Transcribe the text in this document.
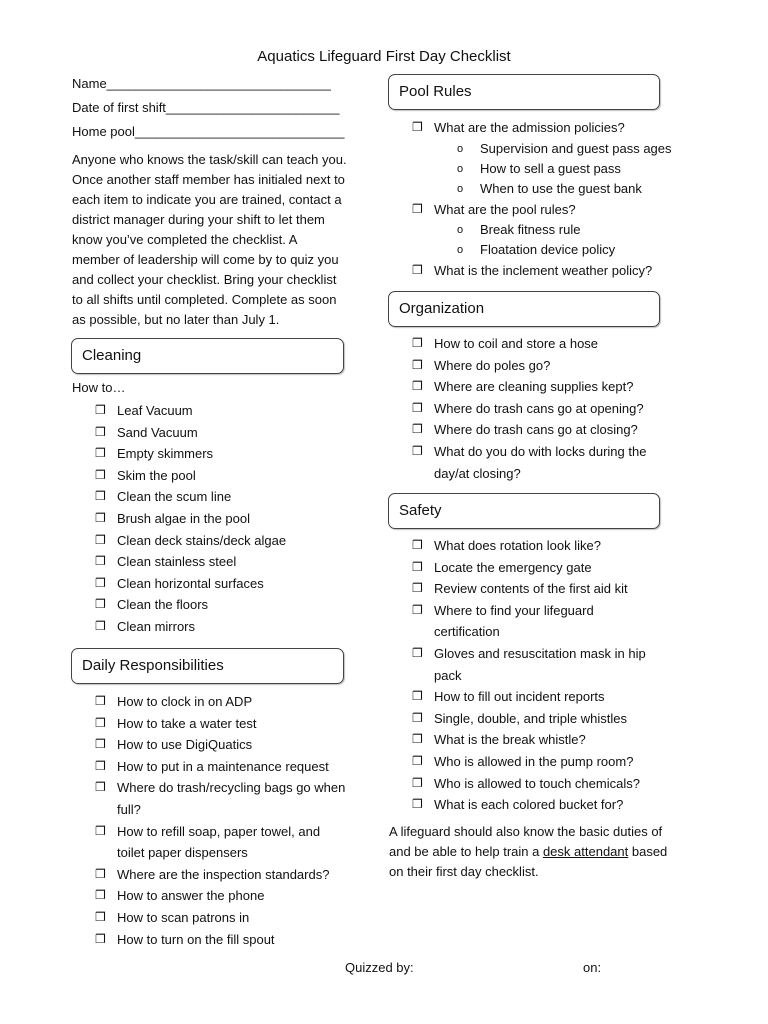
Aquatics Lifeguard First Day Checklist
Name_______________________________
Date of first shift________________________
Home pool_____________________________
Anyone who knows the task/skill can teach you. Once another staff member has initialed next to each item to indicate you are trained, contact a district manager during your shift to let them know you’ve completed the checklist. A member of leadership will come by to quiz you and collect your checklist. Bring your checklist to all shifts until completed. Complete as soon as possible, but no later than July 1.
Cleaning
How to…
❒ Leaf Vacuum
❒ Sand Vacuum
❒ Empty skimmers
❒ Skim the pool
❒ Clean the scum line
❒ Brush algae in the pool
❒ Clean deck stains/deck algae
❒ Clean stainless steel
❒ Clean horizontal surfaces
❒ Clean the floors
❒ Clean mirrors
Daily Responsibilities
❒ How to clock in on ADP
❒ How to take a water test
❒ How to use DigiQuatics
❒ How to put in a maintenance request
❒ Where do trash/recycling bags go when full?
❒ How to refill soap, paper towel, and toilet paper dispensers
❒ Where are the inspection standards?
❒ How to answer the phone
❒ How to scan patrons in
❒ How to turn on the fill spout
Pool Rules
❒ What are the admission policies?
o Supervision and guest pass ages
o How to sell a guest pass
o When to use the guest bank
❒ What are the pool rules?
o Break fitness rule
o Floatation device policy
❒ What is the inclement weather policy?
Organization
❒ How to coil and store a hose
❒ Where do poles go?
❒ Where are cleaning supplies kept?
❒ Where do trash cans go at opening?
❒ Where do trash cans go at closing?
❒ What do you do with locks during the day/at closing?
Safety
❒ What does rotation look like?
❒ Locate the emergency gate
❒ Review contents of the first aid kit
❒ Where to find your lifeguard certification
❒ Gloves and resuscitation mask in hip pack
❒ How to fill out incident reports
❒ Single, double, and triple whistles
❒ What is the break whistle?
❒ Who is allowed in the pump room?
❒ Who is allowed to touch chemicals?
❒ What is each colored bucket for?
A lifeguard should also know the basic duties of and be able to help train a desk attendant based on their first day checklist.
Quizzed by:	on:
